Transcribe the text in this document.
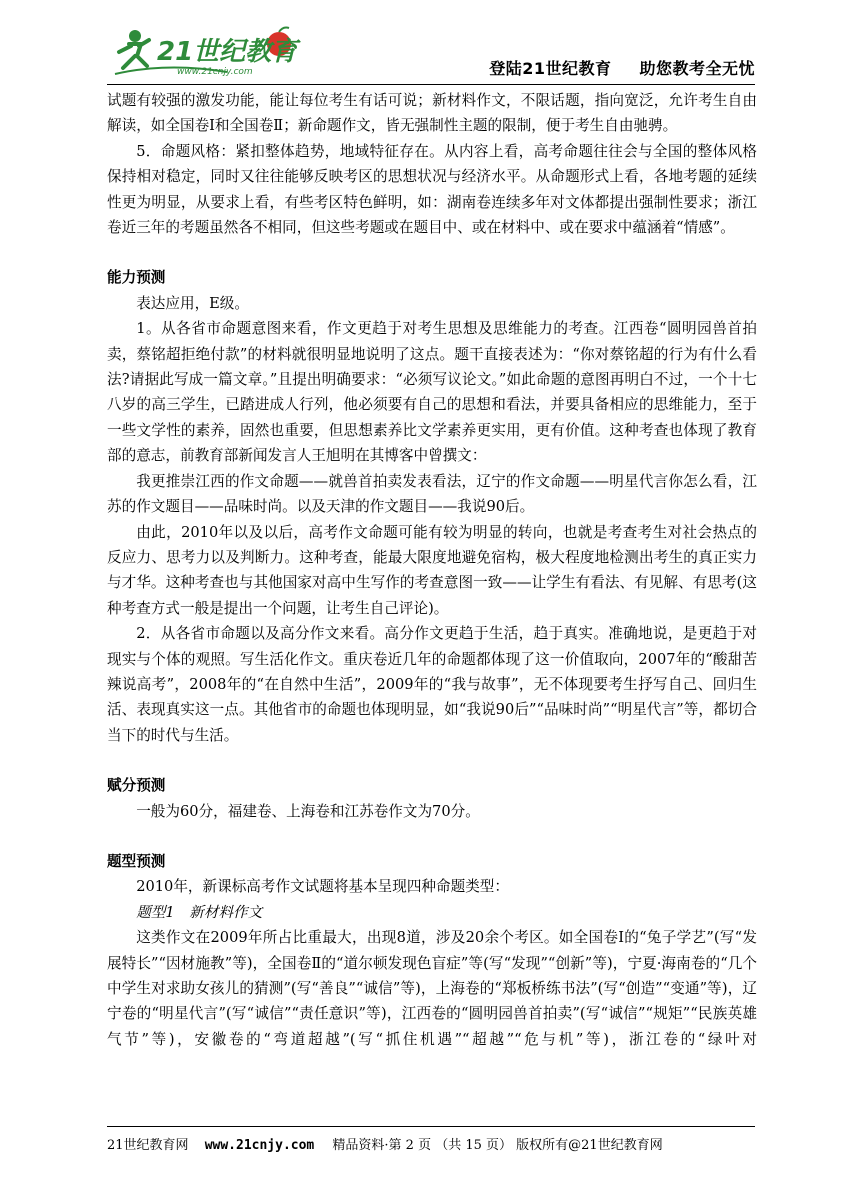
21世纪教育
www.21cnjy.com	登陆21世纪教育 助您教考全无忧

试题有较强的激发功能，能让每位考生有话可说；新材料作文，不限话题，指向宽泛，允许考生自由解读，如全国卷Ⅰ和全国卷Ⅱ；新命题作文，皆无强制性主题的限制，便于考生自由驰骋。

5．命题风格：紧扣整体趋势，地域特征存在。从内容上看，高考命题往往会与全国的整体风格保持相对稳定，同时又往往能够反映考区的思想状况与经济水平。从命题形式上看，各地考题的延续性更为明显，从要求上看，有些考区特色鲜明，如：湖南卷连续多年对文体都提出强制性要求；浙江卷近三年的考题虽然各不相同，但这些考题或在题目中、或在材料中、或在要求中蕴涵着“情感”。

能力预测

表达应用，E级。

1。从各省市命题意图来看，作文更趋于对考生思想及思维能力的考查。江西卷“圆明园兽首拍卖，蔡铭超拒绝付款”的材料就很明显地说明了这点。题干直接表述为：“你对蔡铭超的行为有什么看法?请据此写成一篇文章。”且提出明确要求：“必须写议论文。”如此命题的意图再明白不过，一个十七八岁的高三学生，已踏进成人行列，他必须要有自己的思想和看法，并要具备相应的思维能力，至于一些文学性的素养，固然也重要，但思想素养比文学素养更实用，更有价值。这种考查也体现了教育部的意志，前教育部新闻发言人王旭明在其博客中曾撰文：

我更推崇江西的作文命题——就兽首拍卖发表看法，辽宁的作文命题——明星代言你怎么看，江苏的作文题目——品味时尚。以及天津的作文题目——我说90后。

由此，2010年以及以后，高考作文命题可能有较为明显的转向，也就是考查考生对社会热点的反应力、思考力以及判断力。这种考查，能最大限度地避免宿构，极大程度地检测出考生的真正实力与才华。这种考查也与其他国家对高中生写作的考查意图一致——让学生有看法、有见解、有思考(这种考查方式一般是提出一个问题，让考生自己评论)。

2．从各省市命题以及高分作文来看。高分作文更趋于生活，趋于真实。准确地说，是更趋于对现实与个体的观照。写生活化作文。重庆卷近几年的命题都体现了这一价值取向，2007年的“酸甜苦辣说高考”，2008年的“在自然中生活”，2009年的“我与故事”，无不体现要考生抒写自己、回归生活、表现真实这一点。其他省市的命题也体现明显，如“我说90后”“品味时尚”“明星代言”等，都切合当下的时代与生活。

赋分预测

一般为60分，福建卷、上海卷和江苏卷作文为70分。

题型预测

2010年，新课标高考作文试题将基本呈现四种命题类型：

题型1　新材料作文

这类作文在2009年所占比重最大，出现8道，涉及20余个考区。如全国卷Ⅰ的“兔子学艺”(写“发展特长”“因材施教”等)，全国卷Ⅱ的“道尔顿发现色盲症”等(写“发现”“创新”等)，宁夏·海南卷的“几个中学生对求助女孩儿的猜测”(写“善良”“诚信”等)，上海卷的“郑板桥练书法”(写“创造”“变通”等)，辽宁卷的“明星代言”(写“诚信”“责任意识”等)，江西卷的“圆明园兽首拍卖”(写“诚信”“规矩”“民族英雄气节”等)，安徽卷的“弯道超越”(写“抓住机遇”“超越”“危与机”等)，浙江卷的“绿叶对

21世纪教育网 www.21cnjy.com 精品资料·第 2 页 （共 15 页） 版权所有@21世纪教育网
